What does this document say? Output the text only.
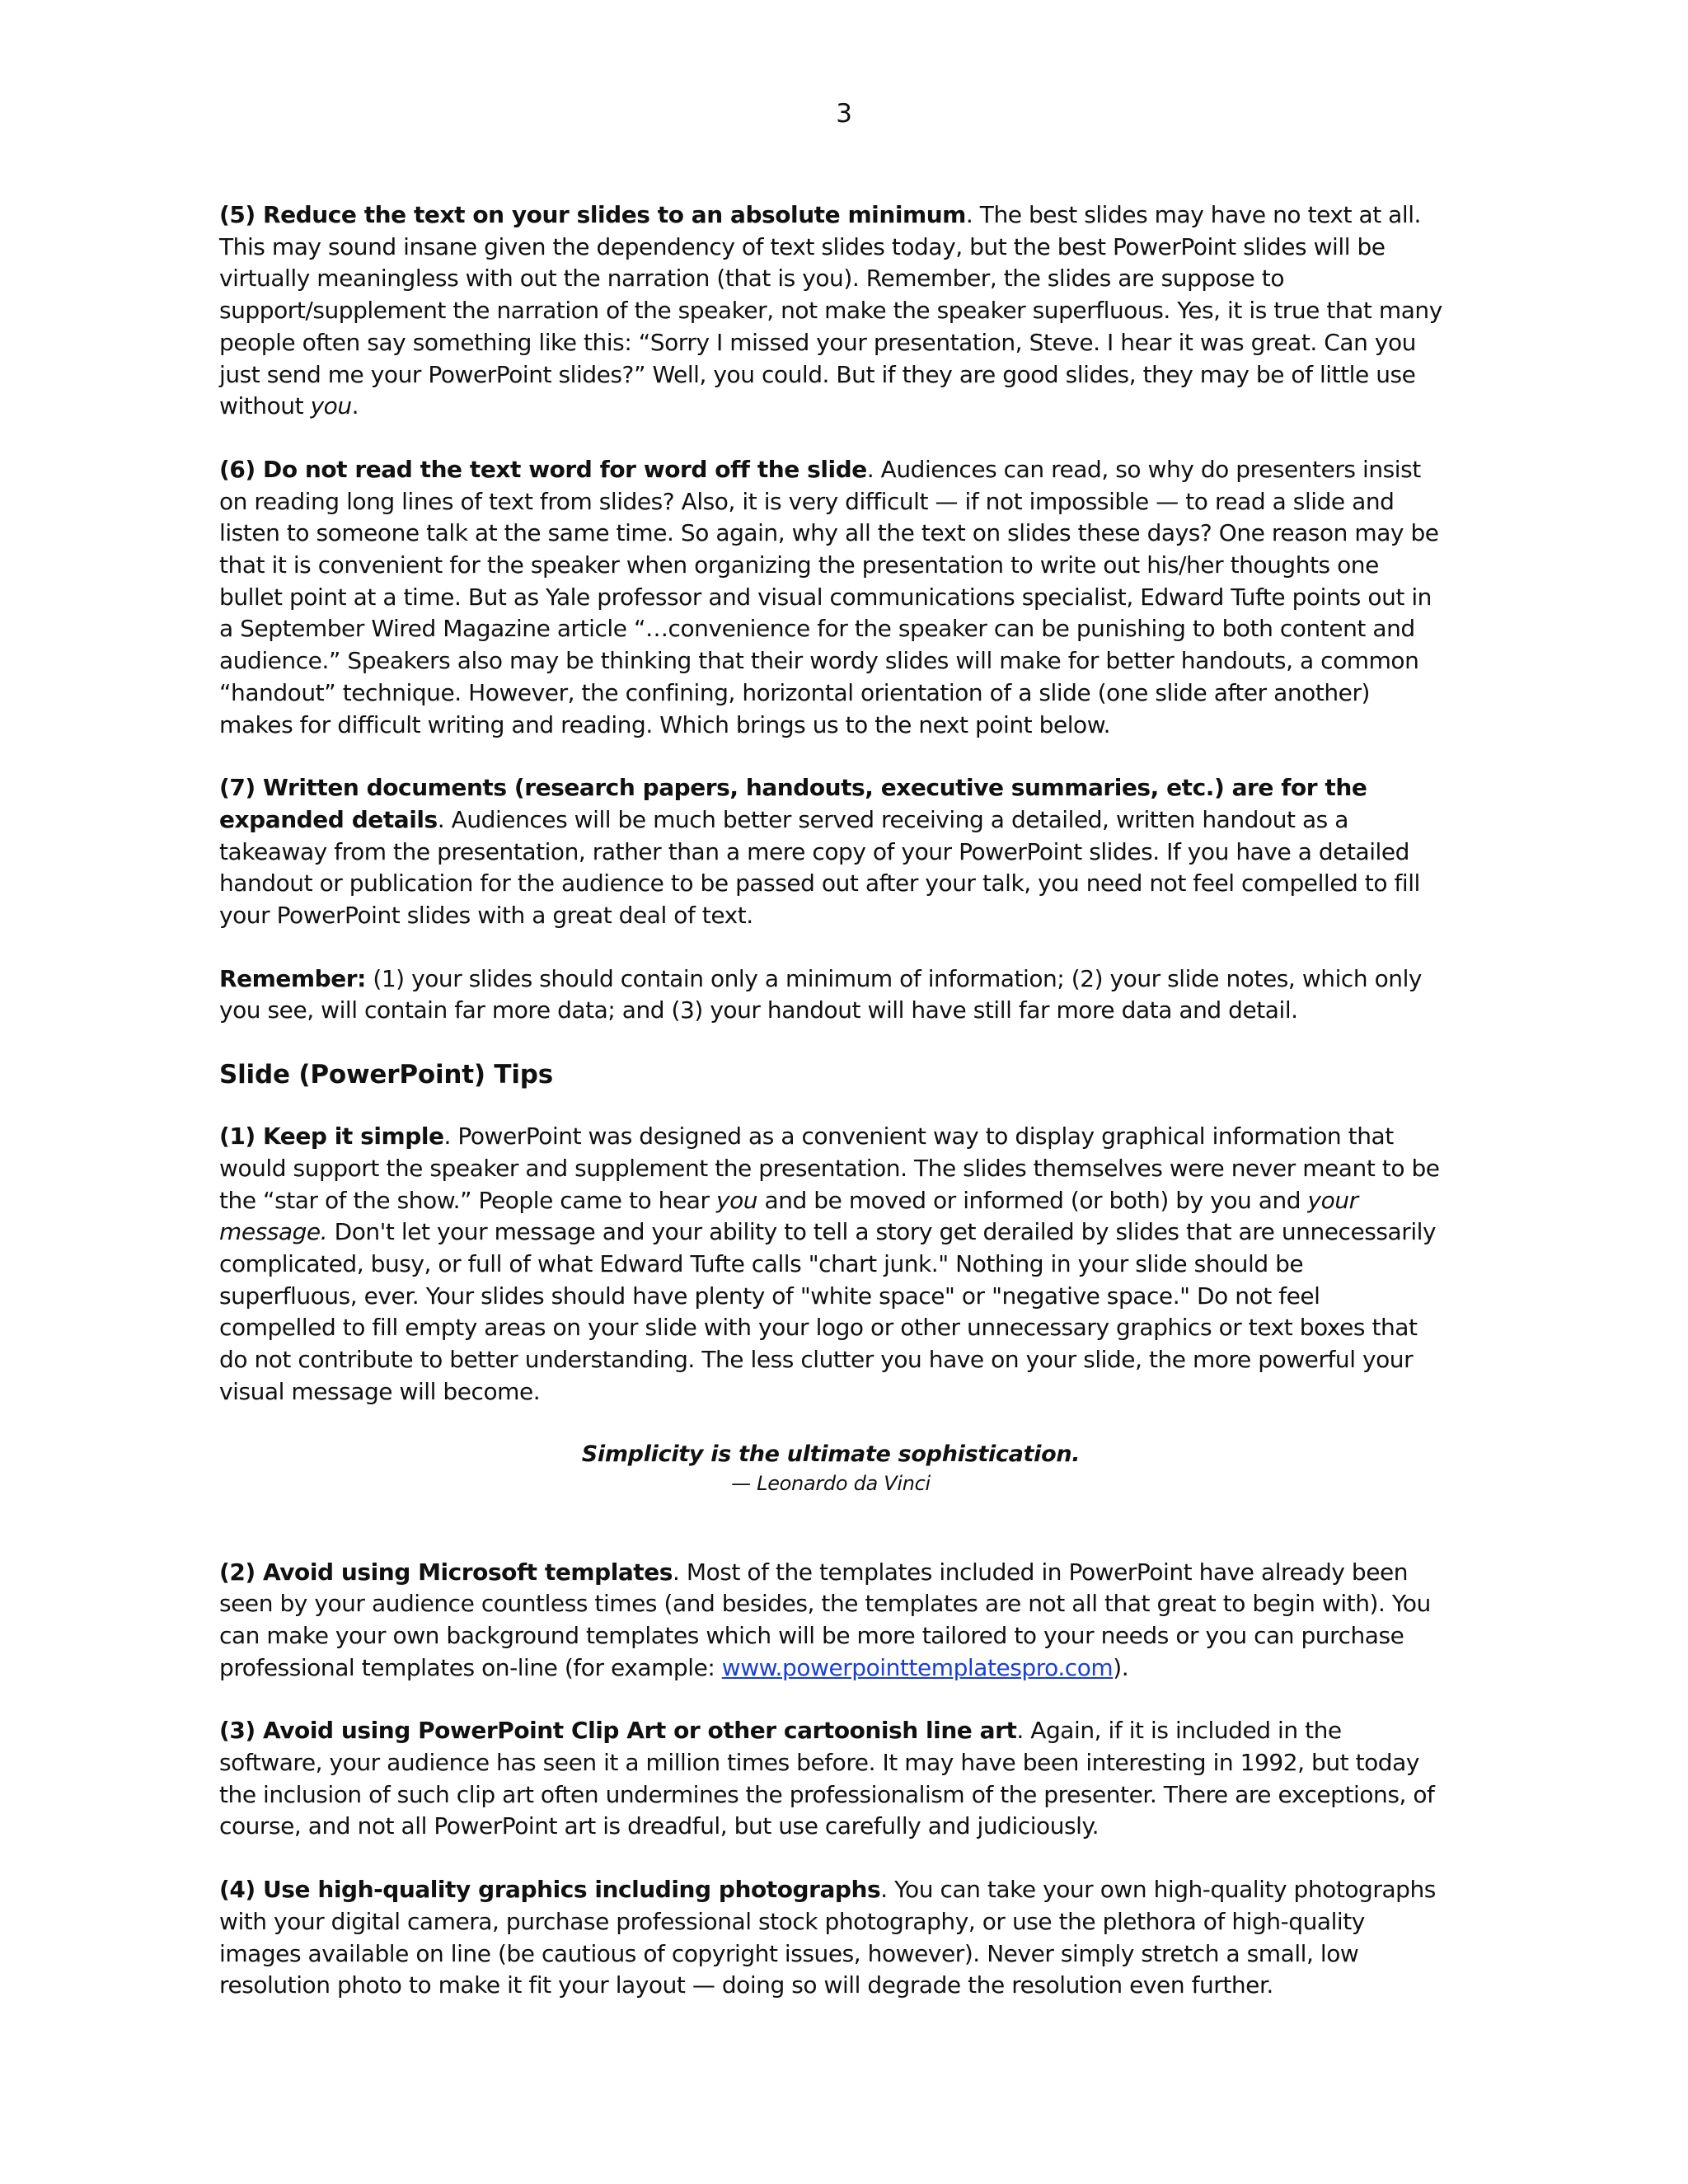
3

(5) Reduce the text on your slides to an absolute minimum. The best slides may have no text at all. This may sound insane given the dependency of text slides today, but the best PowerPoint slides will be virtually meaningless with out the narration (that is you). Remember, the slides are suppose to support/supplement the narration of the speaker, not make the speaker superfluous. Yes, it is true that many people often say something like this: “Sorry I missed your presentation, Steve. I hear it was great. Can you just send me your PowerPoint slides?” Well, you could. But if they are good slides, they may be of little use without you.

(6) Do not read the text word for word off the slide. Audiences can read, so why do presenters insist on reading long lines of text from slides? Also, it is very difficult — if not impossible — to read a slide and listen to someone talk at the same time. So again, why all the text on slides these days? One reason may be that it is convenient for the speaker when organizing the presentation to write out his/her thoughts one bullet point at a time. But as Yale professor and visual communications specialist, Edward Tufte points out in a September Wired Magazine article “…convenience for the speaker can be punishing to both content and audience.” Speakers also may be thinking that their wordy slides will make for better handouts, a common “handout” technique. However, the confining, horizontal orientation of a slide (one slide after another) makes for difficult writing and reading. Which brings us to the next point below.

(7) Written documents (research papers, handouts, executive summaries, etc.) are for the expanded details. Audiences will be much better served receiving a detailed, written handout as a takeaway from the presentation, rather than a mere copy of your PowerPoint slides. If you have a detailed handout or publication for the audience to be passed out after your talk, you need not feel compelled to fill your PowerPoint slides with a great deal of text.

Remember: (1) your slides should contain only a minimum of information; (2) your slide notes, which only you see, will contain far more data; and (3) your handout will have still far more data and detail.

Slide (PowerPoint) Tips

(1) Keep it simple. PowerPoint was designed as a convenient way to display graphical information that would support the speaker and supplement the presentation. The slides themselves were never meant to be the “star of the show.” People came to hear you and be moved or informed (or both) by you and your message. Don't let your message and your ability to tell a story get derailed by slides that are unnecessarily complicated, busy, or full of what Edward Tufte calls "chart junk." Nothing in your slide should be superfluous, ever. Your slides should have plenty of "white space" or "negative space." Do not feel compelled to fill empty areas on your slide with your logo or other unnecessary graphics or text boxes that do not contribute to better understanding. The less clutter you have on your slide, the more powerful your visual message will become.

Simplicity is the ultimate sophistication.
— Leonardo da Vinci

(2) Avoid using Microsoft templates. Most of the templates included in PowerPoint have already been seen by your audience countless times (and besides, the templates are not all that great to begin with). You can make your own background templates which will be more tailored to your needs or you can purchase professional templates on-line (for example: www.powerpointtemplatespro.com).

(3) Avoid using PowerPoint Clip Art or other cartoonish line art. Again, if it is included in the software, your audience has seen it a million times before. It may have been interesting in 1992, but today the inclusion of such clip art often undermines the professionalism of the presenter. There are exceptions, of course, and not all PowerPoint art is dreadful, but use carefully and judiciously.

(4) Use high-quality graphics including photographs. You can take your own high-quality photographs with your digital camera, purchase professional stock photography, or use the plethora of high-quality images available on line (be cautious of copyright issues, however). Never simply stretch a small, low resolution photo to make it fit your layout — doing so will degrade the resolution even further.
